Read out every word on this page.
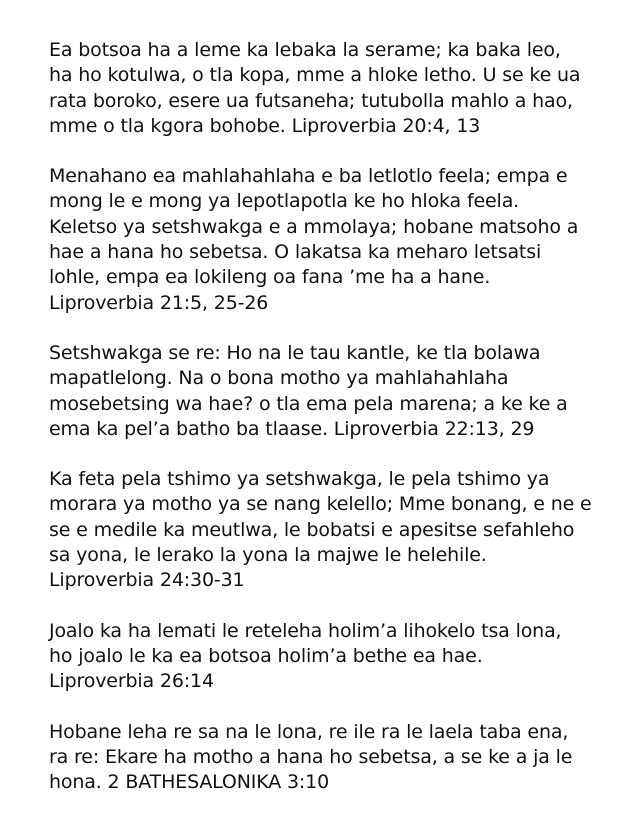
Ea botsoa ha a leme ka lebaka la serame; ka baka leo,
ha ho kotulwa, o tla kopa, mme a hloke letho. U se ke ua
rata boroko, esere ua futsaneha; tutubolla mahlo a hao,
mme o tla kgora bohobe. Liproverbia 20:4, 13
Menahano ea mahlahahlaha e ba letlotlo feela; empa e
mong le e mong ya lepotlapotla ke ho hloka feela.
Keletso ya setshwakga e a mmolaya; hobane matsoho a
hae a hana ho sebetsa. O lakatsa ka meharo letsatsi
lohle, empa ea lokileng oa fana ’me ha a hane.
Liproverbia 21:5, 25-26
Setshwakga se re: Ho na le tau kantle, ke tla bolawa
mapatlelong. Na o bona motho ya mahlahahlaha
mosebetsing wa hae? o tla ema pela marena; a ke ke a
ema ka pel’a batho ba tlaase. Liproverbia 22:13, 29
Ka feta pela tshimo ya setshwakga, le pela tshimo ya
morara ya motho ya se nang kelello; Mme bonang, e ne e
se e medile ka meutlwa, le bobatsi e apesitse sefahleho
sa yona, le lerako la yona la majwe le helehile.
Liproverbia 24:30-31
Joalo ka ha lemati le reteleha holim’a lihokelo tsa lona,
ho joalo le ka ea botsoa holim’a bethe ea hae.
Liproverbia 26:14
Hobane leha re sa na le lona, re ile ra le laela taba ena,
ra re: Ekare ha motho a hana ho sebetsa, a se ke a ja le
hona. 2 BATHESALONIKA 3:10
